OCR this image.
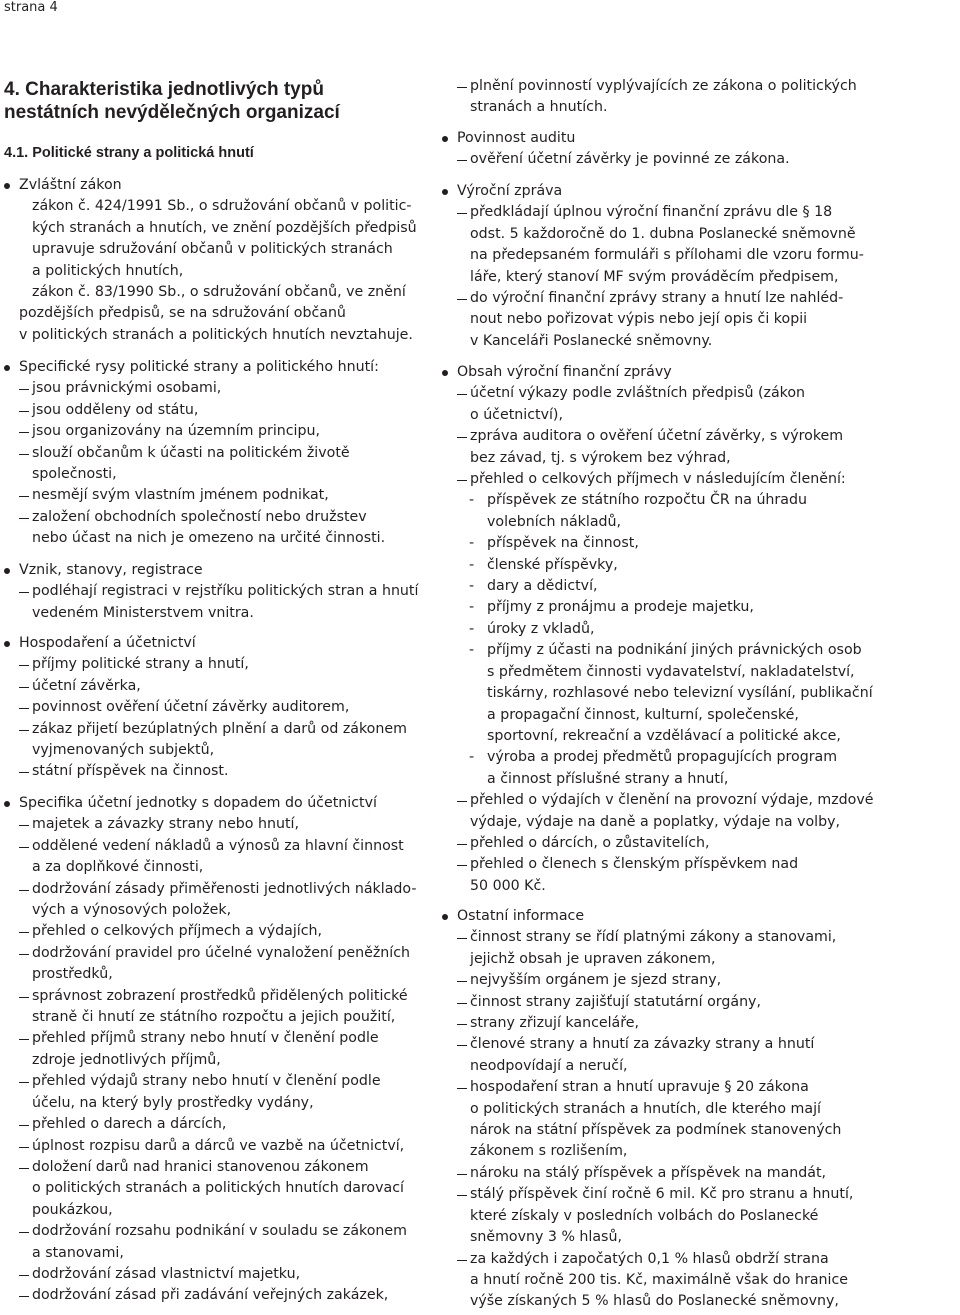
strana 4
4. Charakteristika jednotlivých typů
nestátních nevýdělečných organizací
4.1. Politické strany a politická hnutí
Zvláštní zákon
zákon č. 424/1991 Sb., o sdružování občanů v politic-
kých stranách a hnutích, ve znění pozdějších předpisů
upravuje sdružování občanů v politických stranách
a politických hnutích,
zákon č. 83/1990 Sb., o sdružování občanů, ve znění
pozdějších předpisů, se na sdružování občanů
v politických stranách a politických hnutích nevztahuje.
Specifické rysy politické strany a politického hnutí:
jsou právnickými osobami,
jsou odděleny od státu,
jsou organizovány na územním principu,
slouží občanům k účasti na politickém životě
společnosti,
nesmějí svým vlastním jménem podnikat,
založení obchodních společností nebo družstev
nebo účast na nich je omezeno na určité činnosti.
Vznik, stanovy, registrace
podléhají registraci v rejstříku politických stran a hnutí
vedeném Ministerstvem vnitra.
Hospodaření a účetnictví
příjmy politické strany a hnutí,
účetní závěrka,
povinnost ověření účetní závěrky auditorem,
zákaz přijetí bezúplatných plnění a darů od zákonem
vyjmenovaných subjektů,
státní příspěvek na činnost.
Specifika účetní jednotky s dopadem do účetnictví
majetek a závazky strany nebo hnutí,
oddělené vedení nákladů a výnosů za hlavní činnost
a za doplňkové činnosti,
dodržování zásady přiměřenosti jednotlivých náklado-
vých a výnosových položek,
přehled o celkových příjmech a výdajích,
dodržování pravidel pro účelné vynaložení peněžních
prostředků,
správnost zobrazení prostředků přidělených politické
straně či hnutí ze státního rozpočtu a jejich použití,
přehled příjmů strany nebo hnutí v členění podle
zdroje jednotlivých příjmů,
přehled výdajů strany nebo hnutí v členění podle
účelu, na který byly prostředky vydány,
přehled o darech a dárcích,
úplnost rozpisu darů a dárců ve vazbě na účetnictví,
doložení darů nad hranici stanovenou zákonem
o politických stranách a politických hnutích darovací
poukázkou,
dodržování rozsahu podnikání v souladu se zákonem
a stanovami,
dodržování zásad vlastnictví majetku,
dodržování zásad při zadávání veřejných zakázek,
plnění povinností vyplývajících ze zákona o politických
stranách a hnutích.
Povinnost auditu
ověření účetní závěrky je povinné ze zákona.
Výroční zpráva
předkládají úplnou výroční finanční zprávu dle § 18
odst. 5 každoročně do 1. dubna Poslanecké sněmovně
na předepsaném formuláři s přílohami dle vzoru formu-
láře, který stanoví MF svým prováděcím předpisem,
do výroční finanční zprávy strany a hnutí lze nahléd-
nout nebo pořizovat výpis nebo její opis či kopii
v Kanceláři Poslanecké sněmovny.
Obsah výroční finanční zprávy
účetní výkazy podle zvláštních předpisů (zákon
o účetnictví),
zpráva auditora o ověření účetní závěrky, s výrokem
bez závad, tj. s výrokem bez výhrad,
přehled o celkových příjmech v následujícím členění:
- příspěvek ze státního rozpočtu ČR na úhradu
volebních nákladů,
- příspěvek na činnost,
- členské příspěvky,
- dary a dědictví,
- příjmy z pronájmu a prodeje majetku,
- úroky z vkladů,
- příjmy z účasti na podnikání jiných právnických osob
s předmětem činnosti vydavatelství, nakladatelství,
tiskárny, rozhlasové nebo televizní vysílání, publikační
a propagační činnost, kulturní, společenské,
sportovní, rekreační a vzdělávací a politické akce,
- výroba a prodej předmětů propagujících program
a činnost příslušné strany a hnutí,
přehled o výdajích v členění na provozní výdaje, mzdové
výdaje, výdaje na daně a poplatky, výdaje na volby,
přehled o dárcích, o zůstavitelích,
přehled o členech s členským příspěvkem nad
50 000 Kč.
Ostatní informace
činnost strany se řídí platnými zákony a stanovami,
jejichž obsah je upraven zákonem,
nejvyšším orgánem je sjezd strany,
činnost strany zajišťují statutární orgány,
strany zřizují kanceláře,
členové strany a hnutí za závazky strany a hnutí
neodpovídají a neručí,
hospodaření stran a hnutí upravuje § 20 zákona
o politických stranách a hnutích, dle kterého mají
nárok na státní příspěvek za podmínek stanovených
zákonem s rozlišením,
nároku na stálý příspěvek a příspěvek na mandát,
stálý příspěvek činí ročně 6 mil. Kč pro stranu a hnutí,
které získaly v posledních volbách do Poslanecké
sněmovny 3 % hlasů,
za každých i započatých 0,1 % hlasů obdrží strana
a hnutí ročně 200 tis. Kč, maximálně však do hranice
výše získaných 5 % hlasů do Poslanecké sněmovny,
